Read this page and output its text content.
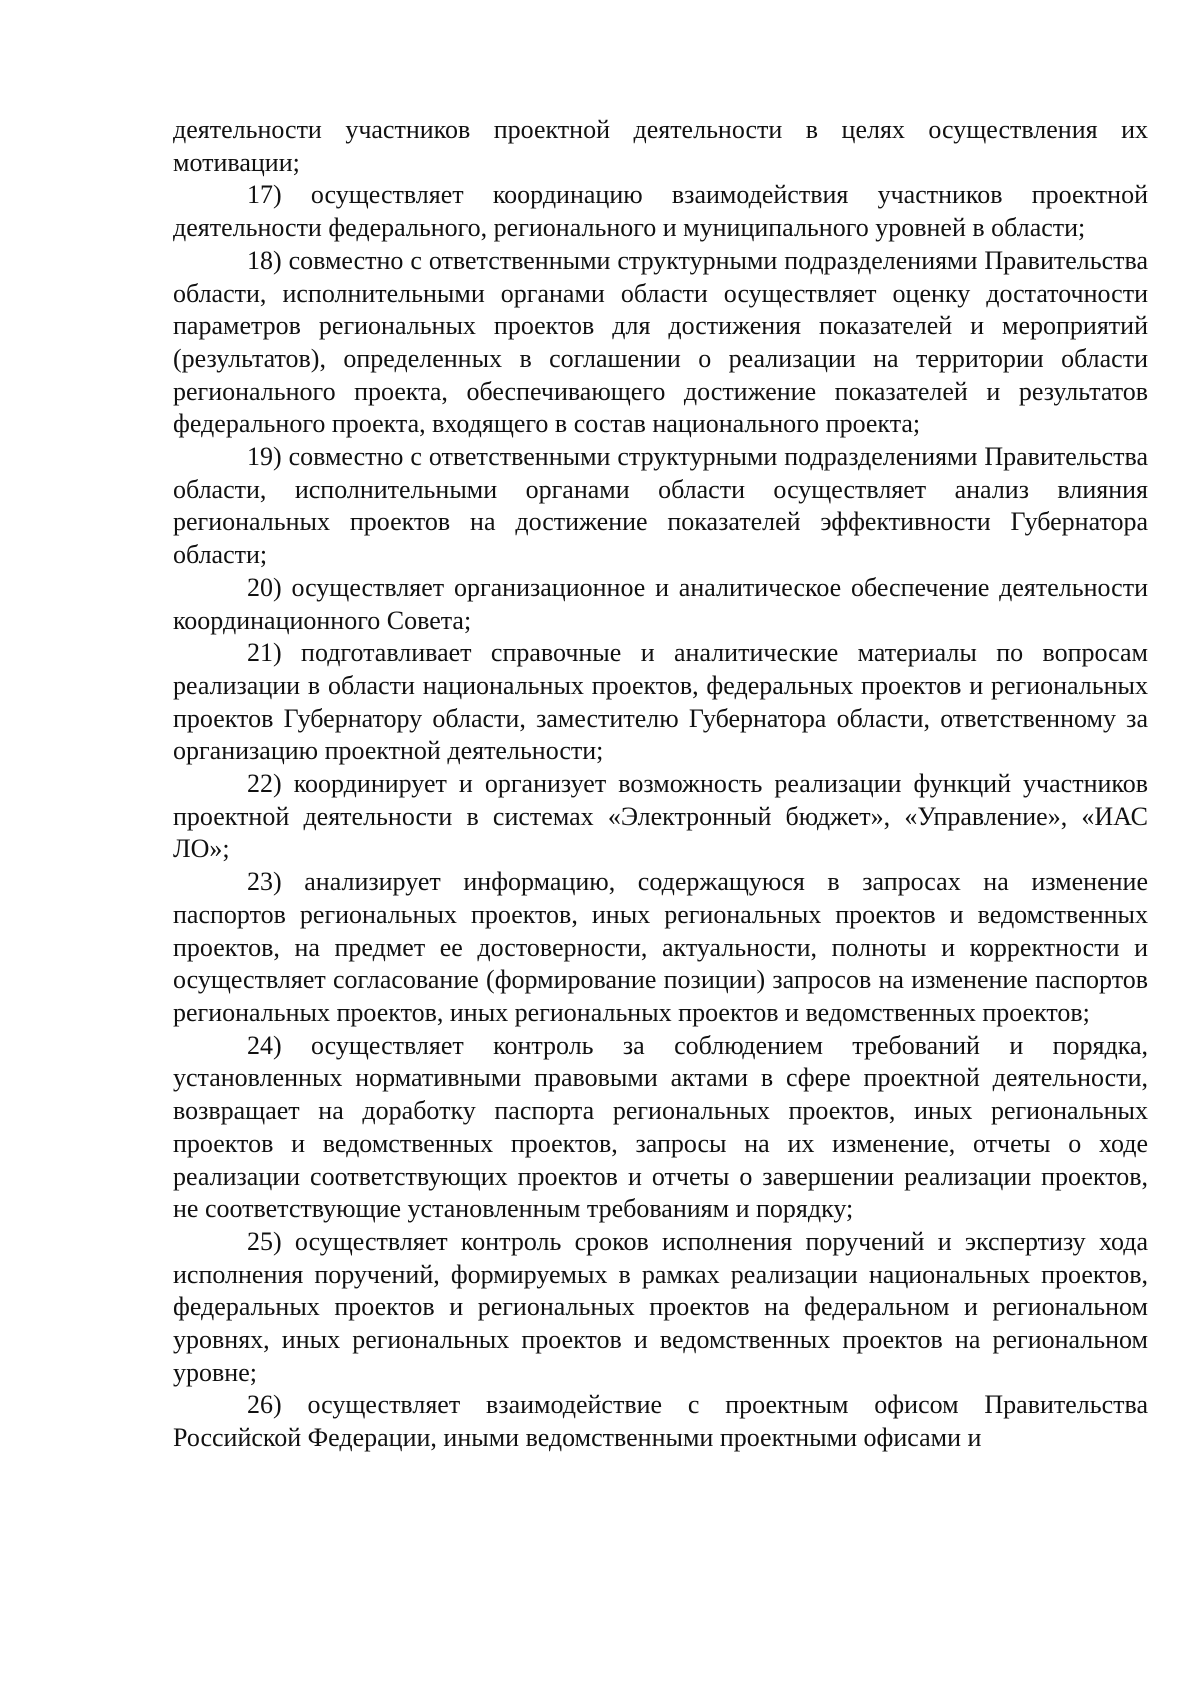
деятельности участников проектной деятельности в целях осуществления их мотивации;

17) осуществляет координацию взаимодействия участников проектной деятельности федерального, регионального и муниципального уровней в области;

18) совместно с ответственными структурными подразделениями Правительства области, исполнительными органами области осуществляет оценку достаточности параметров региональных проектов для достижения показателей и мероприятий (результатов), определенных в соглашении о реализации на территории области регионального проекта, обеспечивающего достижение показателей и результатов федерального проекта, входящего в состав национального проекта;

19) совместно с ответственными структурными подразделениями Правительства области, исполнительными органами области осуществляет анализ влияния региональных проектов на достижение показателей эффективности Губернатора области;

20) осуществляет организационное и аналитическое обеспечение деятельности координационного Совета;

21) подготавливает справочные и аналитические материалы по вопросам реализации в области национальных проектов, федеральных проектов и региональных проектов Губернатору области, заместителю Губернатора области, ответственному за организацию проектной деятельности;

22) координирует и организует возможность реализации функций участников проектной деятельности в системах «Электронный бюджет», «Управление», «ИАС ЛО»;

23) анализирует информацию, содержащуюся в запросах на изменение паспортов региональных проектов, иных региональных проектов и ведомственных проектов, на предмет ее достоверности, актуальности, полноты и корректности и осуществляет согласование (формирование позиции) запросов на изменение паспортов региональных проектов, иных региональных проектов и ведомственных проектов;

24) осуществляет контроль за соблюдением требований и порядка, установленных нормативными правовыми актами в сфере проектной деятельности, возвращает на доработку паспорта региональных проектов, иных региональных проектов и ведомственных проектов, запросы на их изменение, отчеты о ходе реализации соответствующих проектов и отчеты о завершении реализации проектов, не соответствующие установленным требованиям и порядку;

25) осуществляет контроль сроков исполнения поручений и экспертизу хода исполнения поручений, формируемых в рамках реализации национальных проектов, федеральных проектов и региональных проектов на федеральном и региональном уровнях, иных региональных проектов и ведомственных проектов на региональном уровне;

26) осуществляет взаимодействие с проектным офисом Правительства Российской Федерации, иными ведомственными проектными офисами и
